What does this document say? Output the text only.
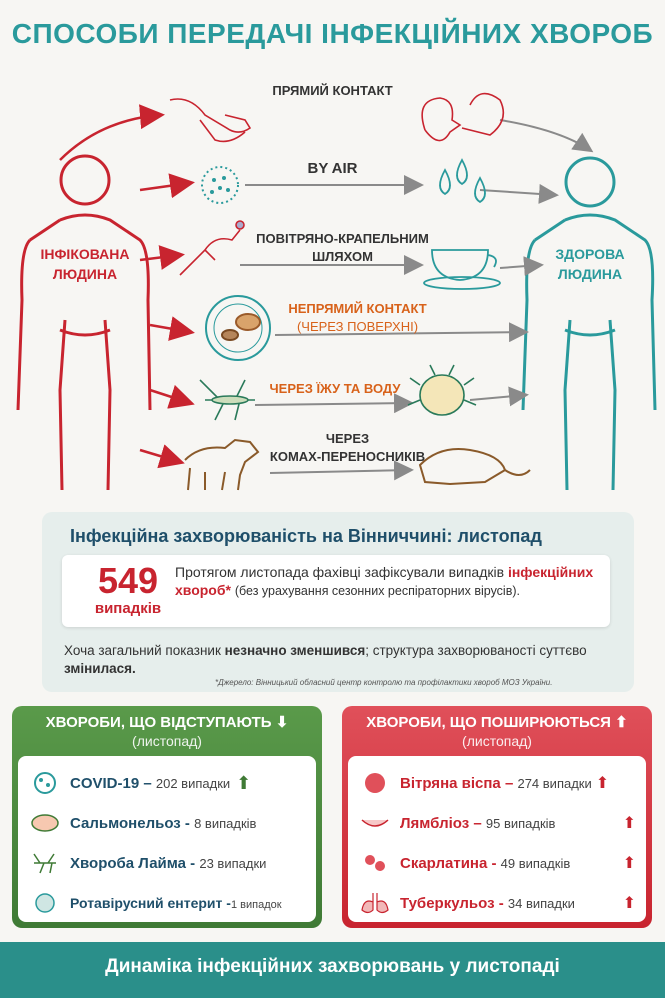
СПОСОБИ ПЕРЕДАЧІ ІНФЕКЦІЙНИХ ХВОРОБ
ІНФІКОВАНА
ЛЮДИНА
ЗДОРОВА
ЛЮДИНА
ПРЯМИЙ КОНТАКТ
BY AIR
ПОВІТРЯНО-КРАПЕЛЬНИМ
ШЛЯХОМ
НЕПРЯМИЙ КОНТАКТ
(ЧЕРЕЗ ПОВЕРХНІ)
ЧЕРЕЗ ЇЖУ ТА ВОДУ
ЧЕРЕЗ
КОМАХ-ПЕРЕНОСНИКІВ
Інфекційна захворюваність на Вінниччині: листопад
549
випадків
Протягом листопада фахівці зафіксували випадків інфекційних хвороб* (без урахування сезонних респіраторних вірусів).
Хоча загальний показник незначно зменшився; структура захворюваності суттєво змінилася.
*Джерело: Вінницький обласний центр контролю та профілактики хвороб МОЗ України.
ХВОРОБИ, ЩО ВІДСТУПАЮТЬ ⬇
(листопад)
COVID-19 – 202 випадки ⬆
Сальмонельоз - 8 випадків
Хвороба Лайма - 23 випадки
Ротавірусний ентерит -1 випадок
ХВОРОБИ, ЩО ПОШИРЮЮТЬСЯ ⬆
(листопад)
Вітряна віспа – 274 випадки ⬆
Лямбліоз – 95 випадків	⬆
Скарлатина - 49 випадків	⬆
Туберкульоз - 34 випадки	⬆
Динаміка інфекційних захворювань у листопаді
